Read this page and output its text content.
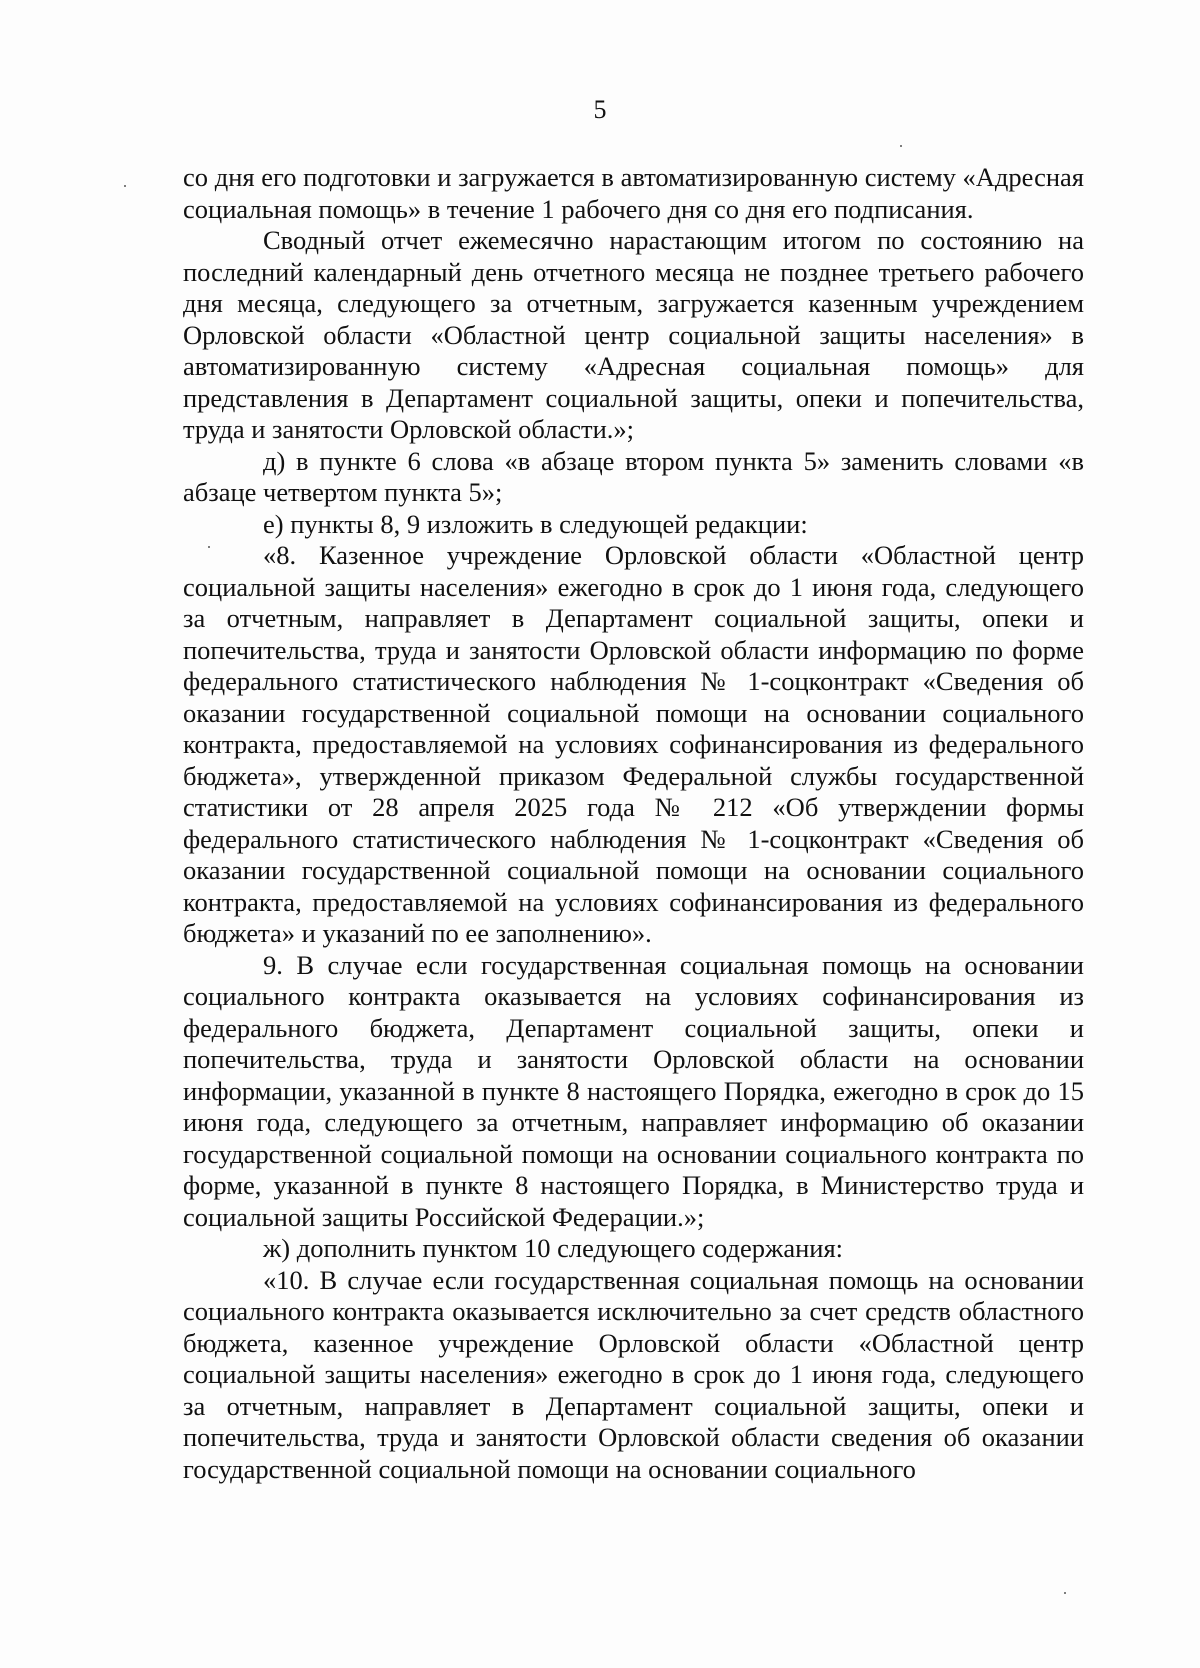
5

со дня его подготовки и загружается в автоматизированную систему «Адресная социальная помощь» в течение 1 рабочего дня со дня его подписания.

Сводный отчет ежемесячно нарастающим итогом по состоянию на последний календарный день отчетного месяца не позднее третьего рабочего дня месяца, следующего за отчетным, загружается казенным учреждением Орловской области «Областной центр социальной защиты населения» в автоматизированную систему «Адресная социальная помощь» для представления в Департамент социальной защиты, опеки и попечительства, труда и занятости Орловской области.»;

д) в пункте 6 слова «в абзаце втором пункта 5» заменить словами «в абзаце четвертом пункта 5»;

е) пункты 8, 9 изложить в следующей редакции:

«8. Казенное учреждение Орловской области «Областной центр социальной защиты населения» ежегодно в срок до 1 июня года, следующего за отчетным, направляет в Департамент социальной защиты, опеки и попечительства, труда и занятости Орловской области информацию по форме федерального статистического наблюдения № 1-соцконтракт «Сведения об оказании государственной социальной помощи на основании социального контракта, предоставляемой на условиях софинансирования из федерального бюджета», утвержденной приказом Федеральной службы государственной статистики от 28 апреля 2025 года № 212 «Об утверждении формы федерального статистического наблюдения № 1-соцконтракт «Сведения об оказании государственной социальной помощи на основании социального контракта, предоставляемой на условиях софинансирования из федерального бюджета» и указаний по ее заполнению».

9. В случае если государственная социальная помощь на основании социального контракта оказывается на условиях софинансирования из федерального бюджета, Департамент социальной защиты, опеки и попечительства, труда и занятости Орловской области на основании информации, указанной в пункте 8 настоящего Порядка, ежегодно в срок до 15 июня года, следующего за отчетным, направляет информацию об оказании государственной социальной помощи на основании социального контракта по форме, указанной в пункте 8 настоящего Порядка, в Министерство труда и социальной защиты Российской Федерации.»;

ж) дополнить пунктом 10 следующего содержания:

«10. В случае если государственная социальная помощь на основании социального контракта оказывается исключительно за счет средств областного бюджета, казенное учреждение Орловской области «Областной центр социальной защиты населения» ежегодно в срок до 1 июня года, следующего за отчетным, направляет в Департамент социальной защиты, опеки и попечительства, труда и занятости Орловской области сведения об оказании государственной социальной помощи на основании социального
